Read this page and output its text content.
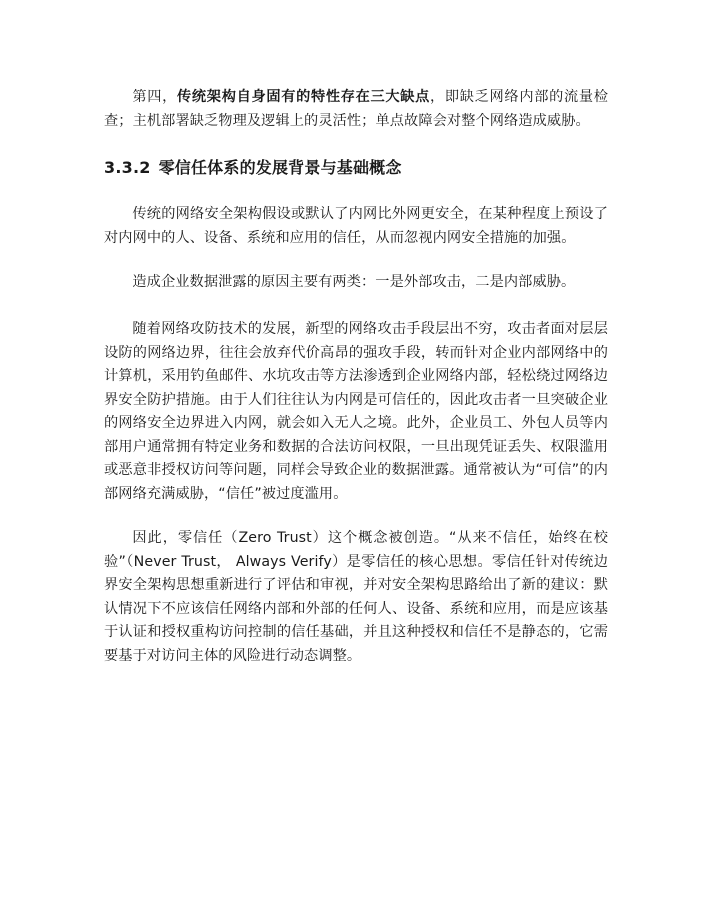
第四，传统架构自身固有的特性存在三大缺点，即缺乏网络内部的流量检查；主机部署缺乏物理及逻辑上的灵活性；单点故障会对整个网络造成威胁。

3.3.2 零信任体系的发展背景与基础概念

传统的网络安全架构假设或默认了内网比外网更安全，在某种程度上预设了对内网中的人、设备、系统和应用的信任，从而忽视内网安全措施的加强。

造成企业数据泄露的原因主要有两类：一是外部攻击，二是内部威胁。

随着网络攻防技术的发展，新型的网络攻击手段层出不穷，攻击者面对层层设防的网络边界，往往会放弃代价高昂的强攻手段，转而针对企业内部网络中的计算机，采用钓鱼邮件、水坑攻击等方法渗透到企业网络内部，轻松绕过网络边界安全防护措施。由于人们往往认为内网是可信任的，因此攻击者一旦突破企业的网络安全边界进入内网，就会如入无人之境。此外，企业员工、外包人员等内部用户通常拥有特定业务和数据的合法访问权限，一旦出现凭证丢失、权限滥用或恶意非授权访问等问题，同样会导致企业的数据泄露。通常被认为“可信”的内部网络充满威胁，“信任”被过度滥用。

因此，零信任（Zero Trust）这个概念被创造。“从来不信任，始终在校验”（Never Trust， Always Verify）是零信任的核心思想。零信任针对传统边界安全架构思想重新进行了评估和审视，并对安全架构思路给出了新的建议：默认情况下不应该信任网络内部和外部的任何人、设备、系统和应用，而是应该基于认证和授权重构访问控制的信任基础，并且这种授权和信任不是静态的，它需要基于对访问主体的风险进行动态调整。
